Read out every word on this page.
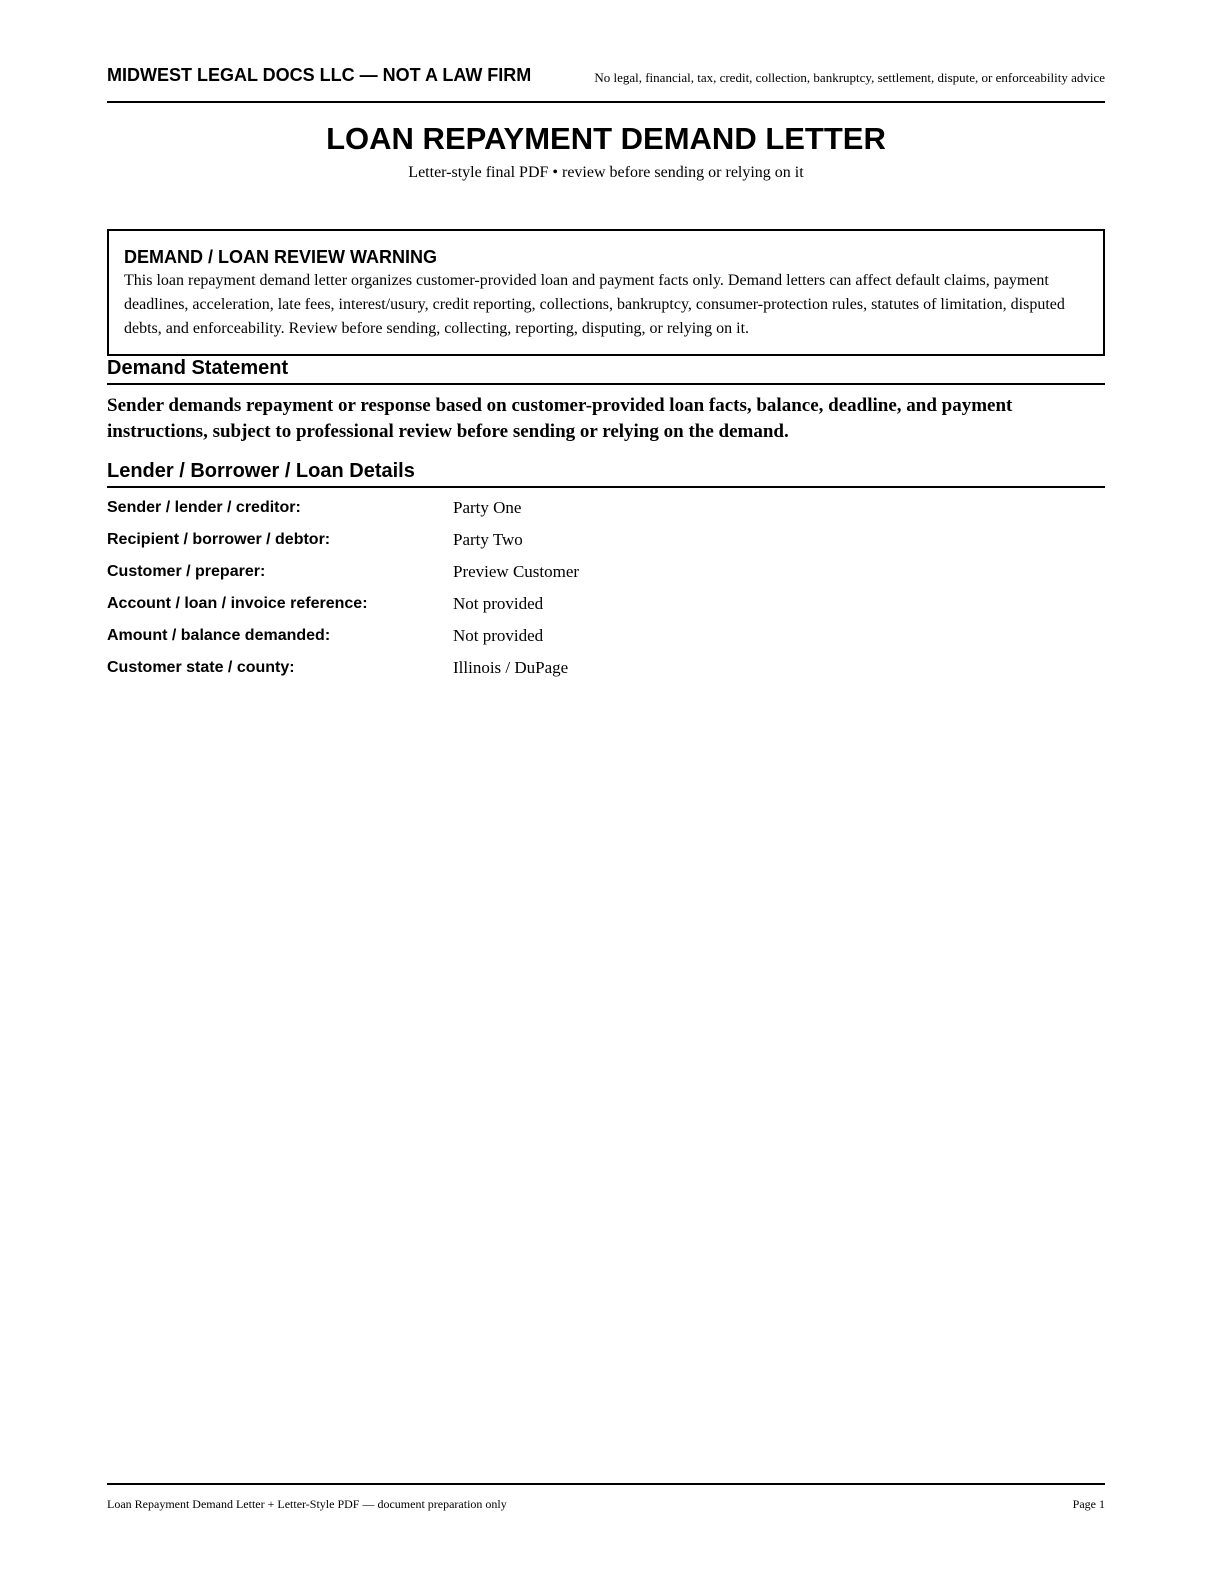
No legal, financial, tax, credit, collection, bankruptcy, settlement, dispute, or enforceability advice
MIDWEST LEGAL DOCS LLC — NOT A LAW FIRM
LOAN REPAYMENT DEMAND LETTER
Letter-style final PDF • review before sending or relying on it
DEMAND / LOAN REVIEW WARNING
This loan repayment demand letter organizes customer-provided loan and payment facts only. Demand letters can affect default claims, payment deadlines, acceleration, late fees, interest/usury, credit reporting, collections, bankruptcy, consumer-protection rules, statutes of limitation, disputed debts, and enforceability. Review before sending, collecting, reporting, disputing, or relying on it.
Demand Statement
Sender demands repayment or response based on customer-provided loan facts, balance, deadline, and payment instructions, subject to professional review before sending or relying on the demand.
Lender / Borrower / Loan Details
Sender / lender / creditor:	Party One
Recipient / borrower / debtor:	Party Two
Customer / preparer:	Preview Customer
Account / loan / invoice reference:	Not provided
Amount / balance demanded:	Not provided
Customer state / county:	Illinois / DuPage
Loan Repayment Demand Letter + Letter-Style PDF — document preparation only	Page 1
